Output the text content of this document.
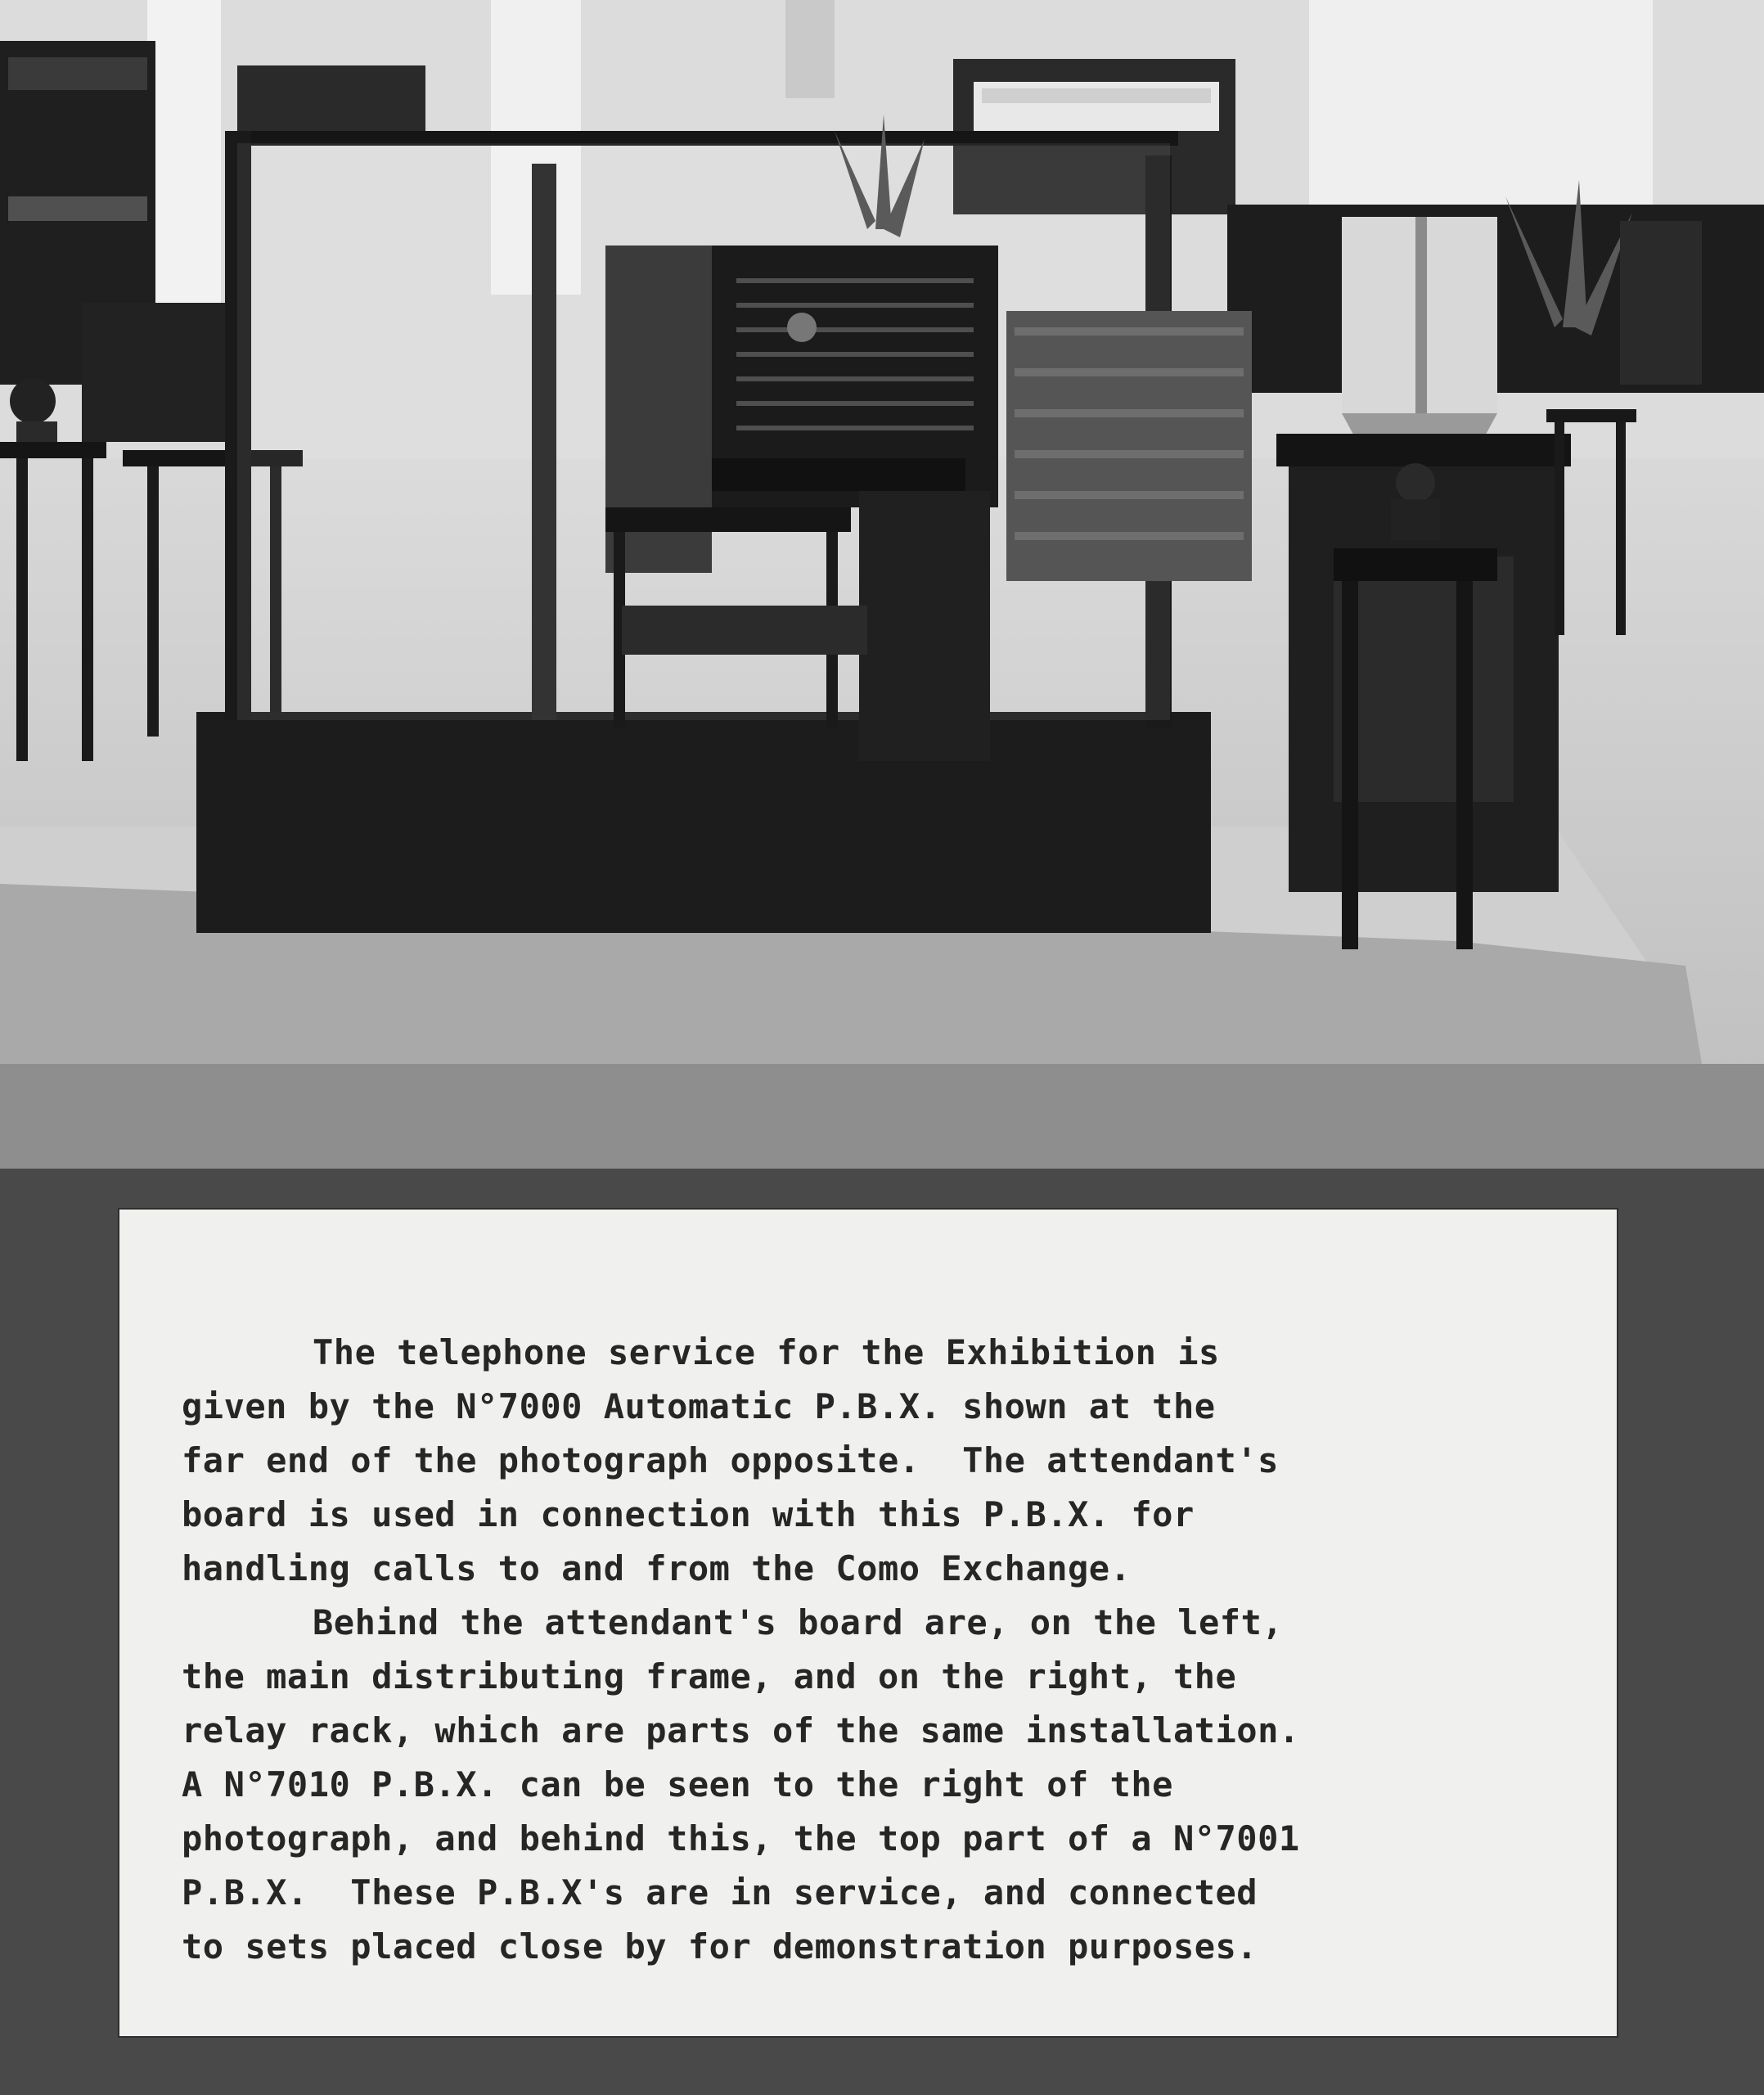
The telephone service for the Exhibition is

given by the N°7000 Automatic P.B.X. shown at the

far end of the photograph opposite.  The attendant's

board is used in connection with this P.B.X. for

handling calls to and from the Como Exchange.

Behind the attendant's board are, on the left,

the main distributing frame, and on the right, the

relay rack, which are parts of the same installation.

A N°7010 P.B.X. can be seen to the right of the

photograph, and behind this, the top part of a N°7001

P.B.X.  These P.B.X's are in service, and connected

to sets placed close by for demonstration purposes.
